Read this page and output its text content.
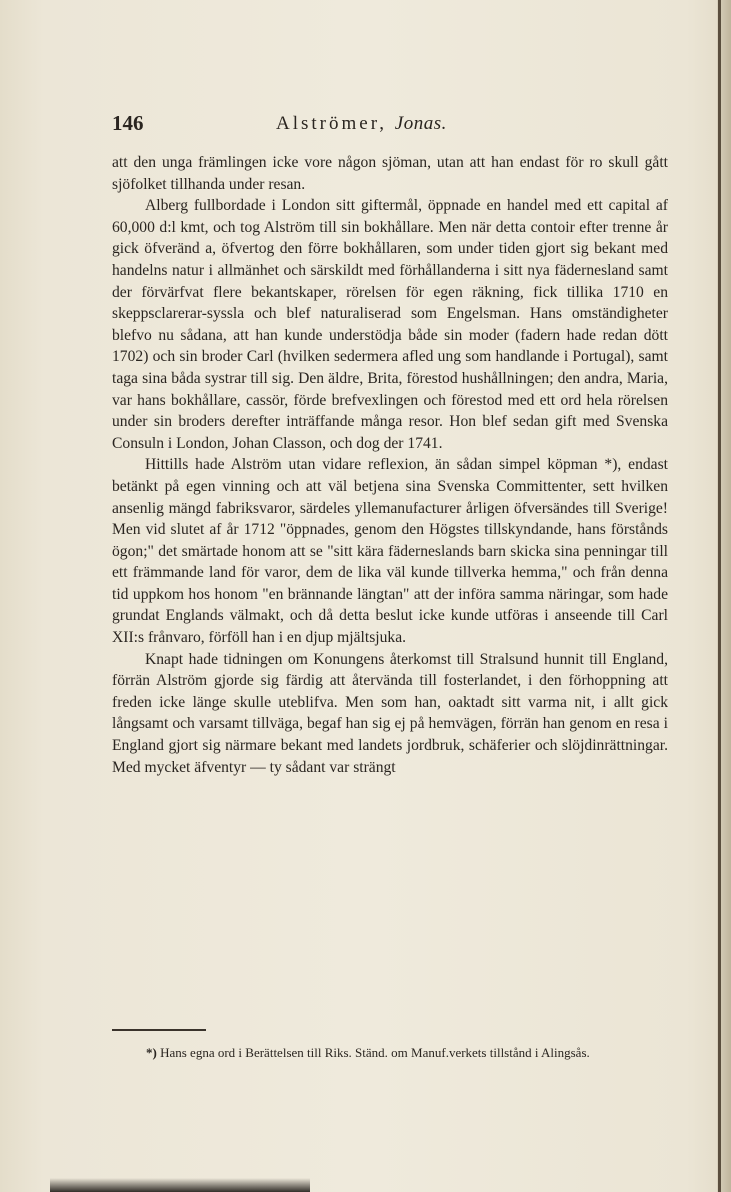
146	Alströmer, Jonas.

att den unga främlingen icke vore någon sjöman, utan att han endast för ro skull gått sjöfolket tillhanda under resan.

Alberg fullbordade i London sitt giftermål, öppnade en handel med ett capital af 60,000 d:l kmt, och tog Alström till sin bokhållare. Men när detta contoir efter trenne år gick öfveränd a, öfvertog den förre bokhållaren, som under tiden gjort sig bekant med handelns natur i allmänhet och särskildt med förhållanderna i sitt nya fädernesland samt der förvärfvat flere bekantskaper, rörelsen för egen räkning, fick tillika 1710 en skeppsclarerar-syssla och blef naturaliserad som Engelsman. Hans omständigheter blefvo nu sådana, att han kunde understödja både sin moder (fadern hade redan dött 1702) och sin broder Carl (hvilken sedermera afled ung som handlande i Portugal), samt taga sina båda systrar till sig. Den äldre, Brita, förestod hushållningen; den andra, Maria, var hans bokhållare, cassör, förde brefvexlingen och förestod med ett ord hela rörelsen under sin broders derefter inträffande många resor. Hon blef sedan gift med Svenska Consuln i London, Johan Classon, och dog der 1741.

Hittills hade Alström utan vidare reflexion, än sådan simpel köpman *), endast betänkt på egen vinning och att väl betjena sina Svenska Committenter, sett hvilken ansenlig mängd fabriksvaror, särdeles yllemanufacturer årligen öfversändes till Sverige! Men vid slutet af år 1712 "öppnades, genom den Högstes tillskyndande, hans förstånds ögon;" det smärtade honom att se "sitt kära fäderneslands barn skicka sina penningar till ett främmande land för varor, dem de lika väl kunde tillverka hemma," och från denna tid uppkom hos honom "en brännande längtan" att der införa samma näringar, som hade grundat Englands välmakt, och då detta beslut icke kunde utföras i anseende till Carl XII:s frånvaro, förföll han i en djup mjältsjuka.

Knapt hade tidningen om Konungens återkomst till Stralsund hunnit till England, förrän Alström gjorde sig färdig att återvända till fosterlandet, i den förhoppning att freden icke länge skulle uteblifva. Men som han, oaktadt sitt varma nit, i allt gick långsamt och varsamt tillväga, begaf han sig ej på hemvägen, förrän han genom en resa i England gjort sig närmare bekant med landets jordbruk, schäferier och slöjdinrättningar. Med mycket äfventyr — ty sådant var strängt

*) Hans egna ord i Berättelsen till Riks. Ständ. om Manuf.verkets tillstånd i Alingsås.
